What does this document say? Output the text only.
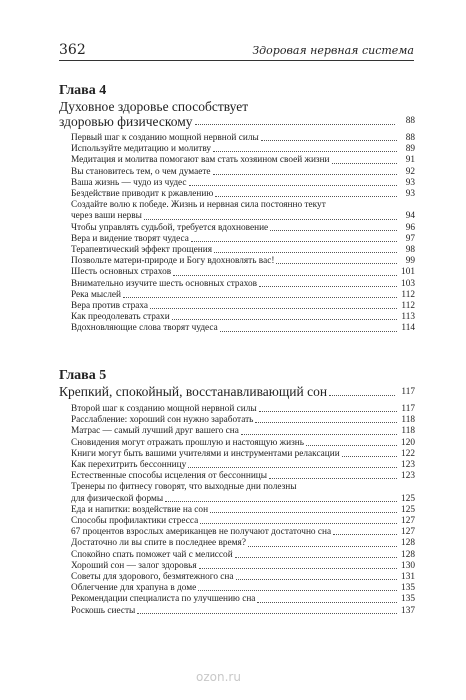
362	Здоровая нервная система
Глава 4
Духовное здоровье способствует
здоровью физическому	88
Первый шаг к созданию мощной нервной силы	88
Используйте медитацию и молитву	89
Медитация и молитва помогают вам стать хозяином своей жизни	91
Вы становитесь тем, о чем думаете	92
Ваша жизнь — чудо из чудес	93
Бездействие приводит к ржавлению	93
Создайте волю к победе. Жизнь и нервная сила постоянно текут
через ваши нервы	94
Чтобы управлять судьбой, требуется вдохновение	96
Вера и видение творят чудеса	97
Терапевтический эффект прощения	98
Позвольте матери-природе и Богу вдохновлять вас!	99
Шесть основных страхов	101
Внимательно изучите шесть основных страхов	103
Река мыслей	112
Вера против страха	112
Как преодолевать страхи	113
Вдохновляющие слова творят чудеса	114
Глава 5
Крепкий, спокойный, восстанавливающий сон	117
Второй шаг к созданию мощной нервной силы	117
Расслабление: хороший сон нужно заработать	118
Матрас — самый лучший друг вашего сна	118
Сновидения могут отражать прошлую и настоящую жизнь	120
Книги могут быть вашими учителями и инструментами релаксации	122
Как перехитрить бессонницу	123
Естественные способы исцеления от бессонницы	123
Тренеры по фитнесу говорят, что выходные дни полезны
для физической формы	125
Еда и напитки: воздействие на сон	125
Способы профилактики стресса	127
67 процентов взрослых американцев не получают достаточно сна	127
Достаточно ли вы спите в последнее время?	128
Спокойно спать поможет чай с мелиссой	128
Хороший сон — залог здоровья	130
Советы для здорового, безмятежного сна	131
Облегчение для храпуна в доме	135
Рекомендации специалиста по улучшению сна	135
Роскошь сиесты	137
ozon.ru
